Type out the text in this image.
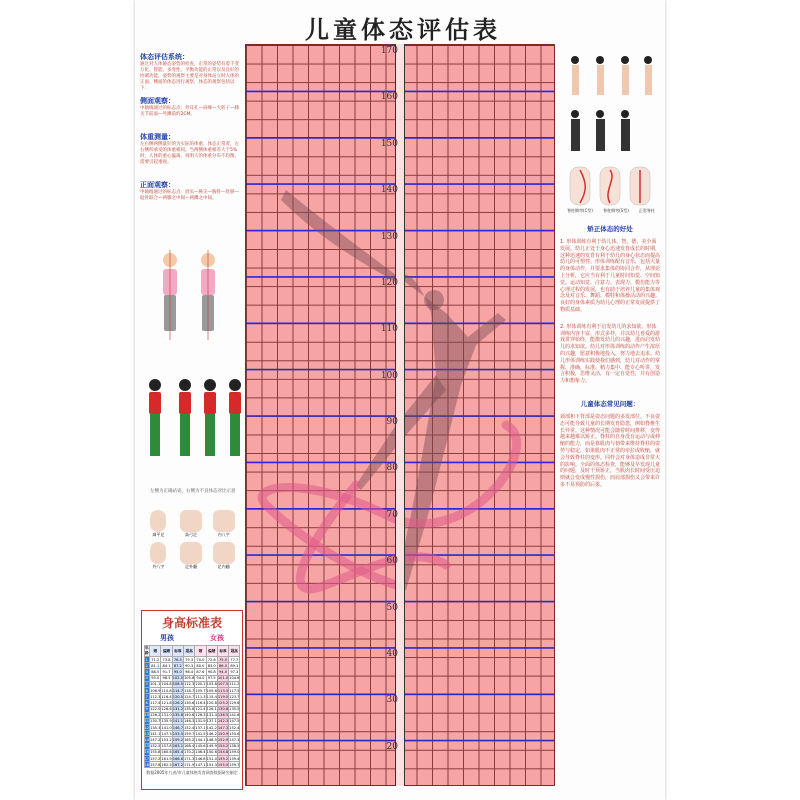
儿童体态评估表
170
160
150
140
130
120
110
100
90
80
70
60
50
40
30
20
体态评估系统：
通过对人体静态姿势的检查，正常的姿势有着千变万化、智能、多变性、平衡功能的正常以及良好的协调功能。姿势的观察主要是对身体站立时人体的正面、侧面的体态进行观察，体态的观察包括以下：
侧面观察：
中轴线通过的标志点：外耳孔—肩峰—大转子—膝关节前面—外踝前约2CM。
体重测量：
左右侧两侧量针的为实际的体重，体态正常者，左右侧所承受的体重相同。当两侧体重相差大于5%时，人体的重心偏离，说明人的体重分布不均衡，需要引起重视。
正面观察：
中轴线通过的标志点：眉头—鼻尖—胸骨—肚脐—耻骨联合—两膝之中间—两踝之中间。
左侧为正确站姿，右侧为不良体态对比示意
扁平足	高弓足	内八字
外八字	足外翻	足内翻
身高标准表
男孩	女孩
年龄	矮	偏矮	标准	超高	矮	偏矮	标准	超高
1	71.2	73.8	76.5	79.3	70.0	72.6	75.0	77.7
2	81.1	84.1	87.2	90.3	80.0	83.0	86.0	89.1
3	88.5	91.7	95.0	98.4	87.6	90.8	94.0	97.3
4	95.0	98.5	102.0	105.6	94.0	97.5	101.0	104.6
5	101.1	104.8	108.5	112.3	100.1	103.8	107.5	111.2
6	106.9	110.8	114.7	118.7	105.7	109.6	113.5	117.5
7	112.3	116.4	120.5	124.7	111.3	115.4	119.5	123.7
8	117.4	121.8	126.2	130.6	116.4	120.8	125.2	129.6
9	122.0	126.6	131.2	135.8	121.4	126.1	130.8	135.5
10	126.2	131.0	135.8	140.6	126.3	131.4	136.5	141.6
11	130.7	135.9	141.1	146.3	131.9	137.1	142.3	147.5
12	135.3	141.0	146.7	152.4	137.1	142.2	147.3	152.4
13	141.1	147.3	153.5	159.7	141.5	146.2	150.9	155.6
14	147.2	153.2	159.2	165.2	144.1	148.5	152.9	157.3
15	152.5	157.8	163.1	168.4	145.6	149.9	154.2	158.5
16	155.8	160.6	165.4	170.2	146.4	150.6	154.8	159.0
17	157.2	161.9	166.6	171.3	146.8	151.0	155.2	159.4
18	157.8	162.5	167.2	171.9	147.1	151.3	155.5	159.7
数据2005年九省/市儿童体格发育调查数据研究制定
脊柱侧弯(C型)	脊柱侧弯(S型)	正常脊柱
矫正体态的好处
1. 形体训练有利于幼儿体、智、德、美全面发展。幼儿正处于身心迅速发育成长的时期，这种迅速的发育有利于幼儿的身心状态而提高幼儿的可塑性。形体训练配有音乐，包括大量的身体动作，并要求集体的协同合作，从理论上分析，它应当有利于儿童时间知觉、空间知觉、运动知觉、注意力、表现力、模仿能力等心理过程的发展，也有助于培养儿童的集体观念及对音乐、舞蹈、模特和体操活动的兴趣。良好的身体素质为幼儿心理的正常发展提供了物质基础。
2. 形体训练有利于启发幼儿的求知欲。形体训练内容丰富、形式多样，并以幼儿喜爱的游戏贯穿始终，能激发幼儿的兴趣，进而启发幼儿的求知欲。幼儿对形体训练的动作产生浓厚的兴趣，愿意积极地投入，努力地去追求。幼儿形体训练实践使我们感到，幼儿对动作的掌握、准确、标准、精力集中、能专心听讲，发言积极，思维灵活，有一定自觉性，并有创造力和想象力。
儿童体态常见问题：
颈部和下背部是姿态问题的多发部位。不良姿态可能导致儿童的长期发育隐患，例如脊椎生长异常。这种情况可能会随着时间推移，变得越来越难以矫正。脊柱的自身没有运动与或伸缩的能力，而是靠肌肉与韧带来维持脊柱的姿势与稳定。如果肌肉不正常的牵拉或收缩，就会导致脊柱的变形。同样会对身体造成非常大的影响。全面的体态检查，能够及早发现儿童的问题，及时干预矫正，当肌肉长时间受压迫则就会变成慢性损伤，而肩部损伤又会带来许多不易预防的后果。
